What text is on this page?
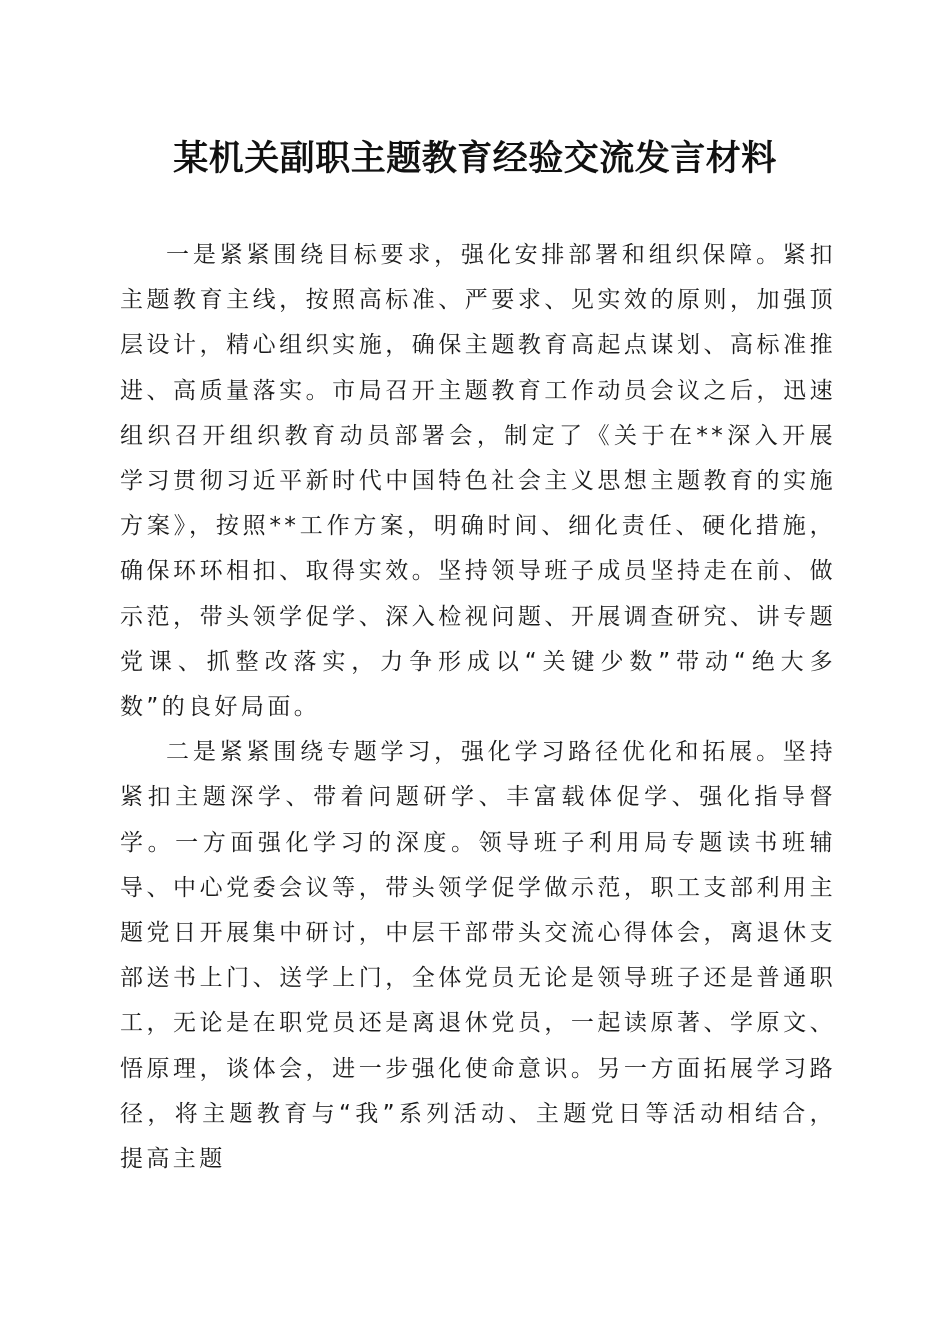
某机关副职主题教育经验交流发言材料

一是紧紧围绕目标要求，强化安排部署和组织保障。紧扣主题教育主线，按照高标准、严要求、见实效的原则，加强顶层设计，精心组织实施，确保主题教育高起点谋划、高标准推进、高质量落实。市局召开主题教育工作动员会议之后，迅速组织召开组织教育动员部署会，制定了《关于在**深入开展学习贯彻习近平新时代中国特色社会主义思想主题教育的实施方案》，按照**工作方案，明确时间、细化责任、硬化措施，确保环环相扣、取得实效。坚持领导班子成员坚持走在前、做示范，带头领学促学、深入检视问题、开展调查研究、讲专题党课、抓整改落实，力争形成以“关键少数”带动“绝大多数”的良好局面。

二是紧紧围绕专题学习，强化学习路径优化和拓展。坚持紧扣主题深学、带着问题研学、丰富载体促学、强化指导督学。一方面强化学习的深度。领导班子利用局专题读书班辅导、中心党委会议等，带头领学促学做示范，职工支部利用主题党日开展集中研讨，中层干部带头交流心得体会，离退休支部送书上门、送学上门，全体党员无论是领导班子还是普通职工，无论是在职党员还是离退休党员，一起读原著、学原文、悟原理，谈体会，进一步强化使命意识。另一方面拓展学习路径，将主题教育与“我”系列活动、主题党日等活动相结合，提高主题
